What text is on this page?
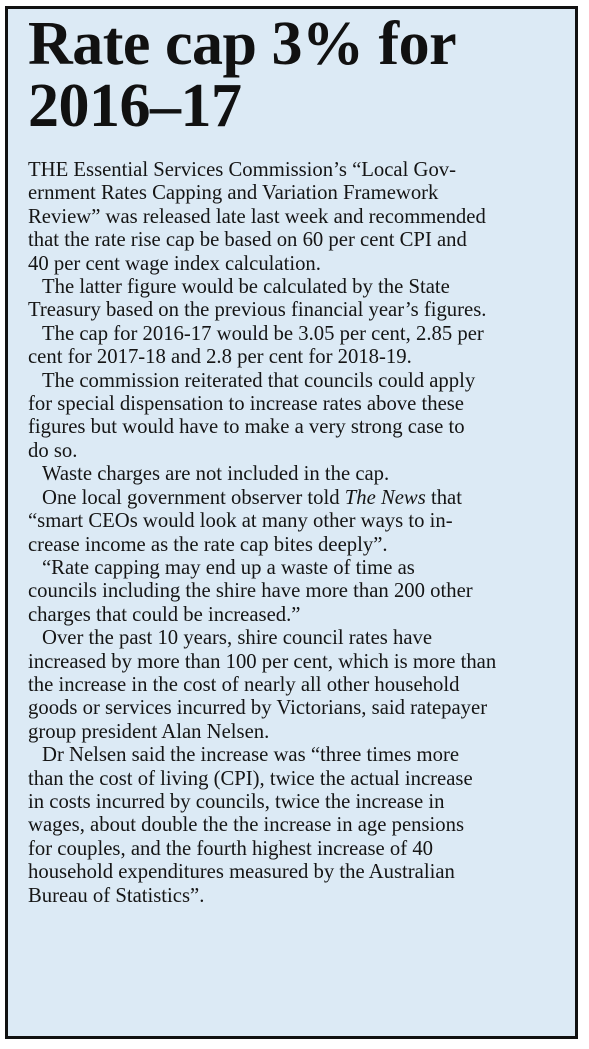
Rate cap 3% for
2016–17

THE Essential Services Commission’s “Local Gov-
ernment Rates Capping and Variation Framework
Review” was released late last week and recommended
that the rate rise cap be based on 60 per cent CPI and
40 per cent wage index calculation.

The latter figure would be calculated by the State
Treasury based on the previous financial year’s figures.

The cap for 2016-17 would be 3.05 per cent, 2.85 per
cent for 2017-18 and 2.8 per cent for 2018-19.

The commission reiterated that councils could apply
for special dispensation to increase rates above these
figures but would have to make a very strong case to
do so.

Waste charges are not included in the cap.

One local government observer told The News that
“smart CEOs would look at many other ways to in-
crease income as the rate cap bites deeply”.

“Rate capping may end up a waste of time as
councils including the shire have more than 200 other
charges that could be increased.”

Over the past 10 years, shire council rates have
increased by more than 100 per cent, which is more than
the increase in the cost of nearly all other household
goods or services incurred by Victorians, said ratepayer
group president Alan Nelsen.

Dr Nelsen said the increase was “three times more
than the cost of living (CPI), twice the actual increase
in costs incurred by councils, twice the increase in
wages, about double the the increase in age pensions
for couples, and the fourth highest increase of 40
household expenditures measured by the Australian
Bureau of Statistics”.
